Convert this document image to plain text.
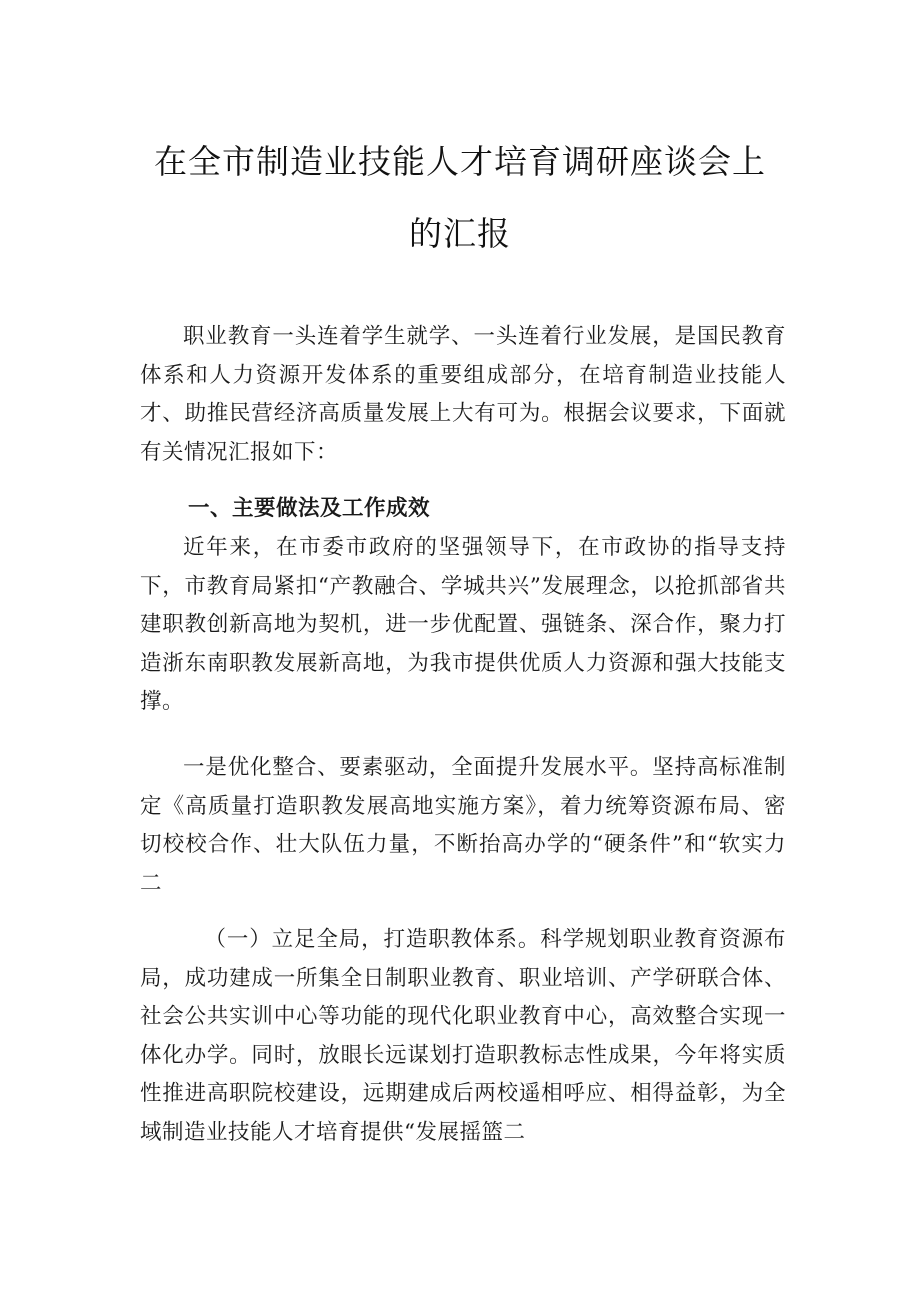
在全市制造业技能人才培育调研座谈会上
的汇报
职业教育一头连着学生就学、一头连着行业发展，是国民教育体系和人力资源开发体系的重要组成部分，在培育制造业技能人才、助推民营经济高质量发展上大有可为。根据会议要求，下面就有关情况汇报如下：
一、主要做法及工作成效
近年来，在市委市政府的坚强领导下，在市政协的指导支持下，市教育局紧扣“产教融合、学城共兴”发展理念，以抢抓部省共建职教创新高地为契机，进一步优配置、强链条、深合作，聚力打造浙东南职教发展新高地，为我市提供优质人力资源和强大技能支撑。
一是优化整合、要素驱动，全面提升发展水平。坚持高标准制定《高质量打造职教发展高地实施方案》，着力统筹资源布局、密切校校合作、壮大队伍力量，不断抬高办学的“硬条件”和“软实力二
（一）立足全局，打造职教体系。科学规划职业教育资源布局，成功建成一所集全日制职业教育、职业培训、产学研联合体、社会公共实训中心等功能的现代化职业教育中心，高效整合实现一体化办学。同时，放眼长远谋划打造职教标志性成果，今年将实质性推进高职院校建设，远期建成后两校遥相呼应、相得益彰，为全域制造业技能人才培育提供“发展摇篮二
